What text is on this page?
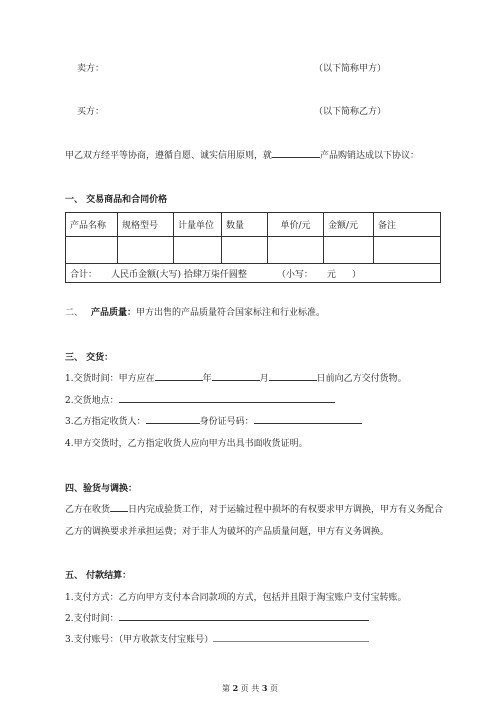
卖方：	（以下简称甲方）
买方：	（以下简称乙方）
甲乙双方经平等协商，遵循自愿、诚实信用原则，就	产品购销达成以下协议：
一、 交易商品和合同价格
产品名称	规格型号	计量单位	数量	单价/元	金额/元	备注

合计： 人民币金额(大写) 拾肆万柒仟圆整 （小写： 元 ）						
二、 产品质量：甲方出售的产品质量符合国家标注和行业标准。
三、 交货：
1.交货时间：甲方应在	年	月	日前向乙方交付货物。
2.交货地点：
3.乙方指定收货人：	身份证号码：
4.甲方交货时，乙方指定收货人应向甲方出具书面收货证明。
四、验货与调换：
乙方在收货 日内完成验货工作，对于运输过程中损坏的有权要求甲方调换，甲方有义务配合
乙方的调换要求并承担运费；对于非人为破坏的产品质量问题，甲方有义务调换。
五、 付款结算：
1.支付方式：乙方向甲方支付本合同款项的方式，包括并且限于淘宝账户支付宝转账。
2.支付时间：
3.支付账号：（甲方收款支付宝账号）
第 2 页 共 3 页
